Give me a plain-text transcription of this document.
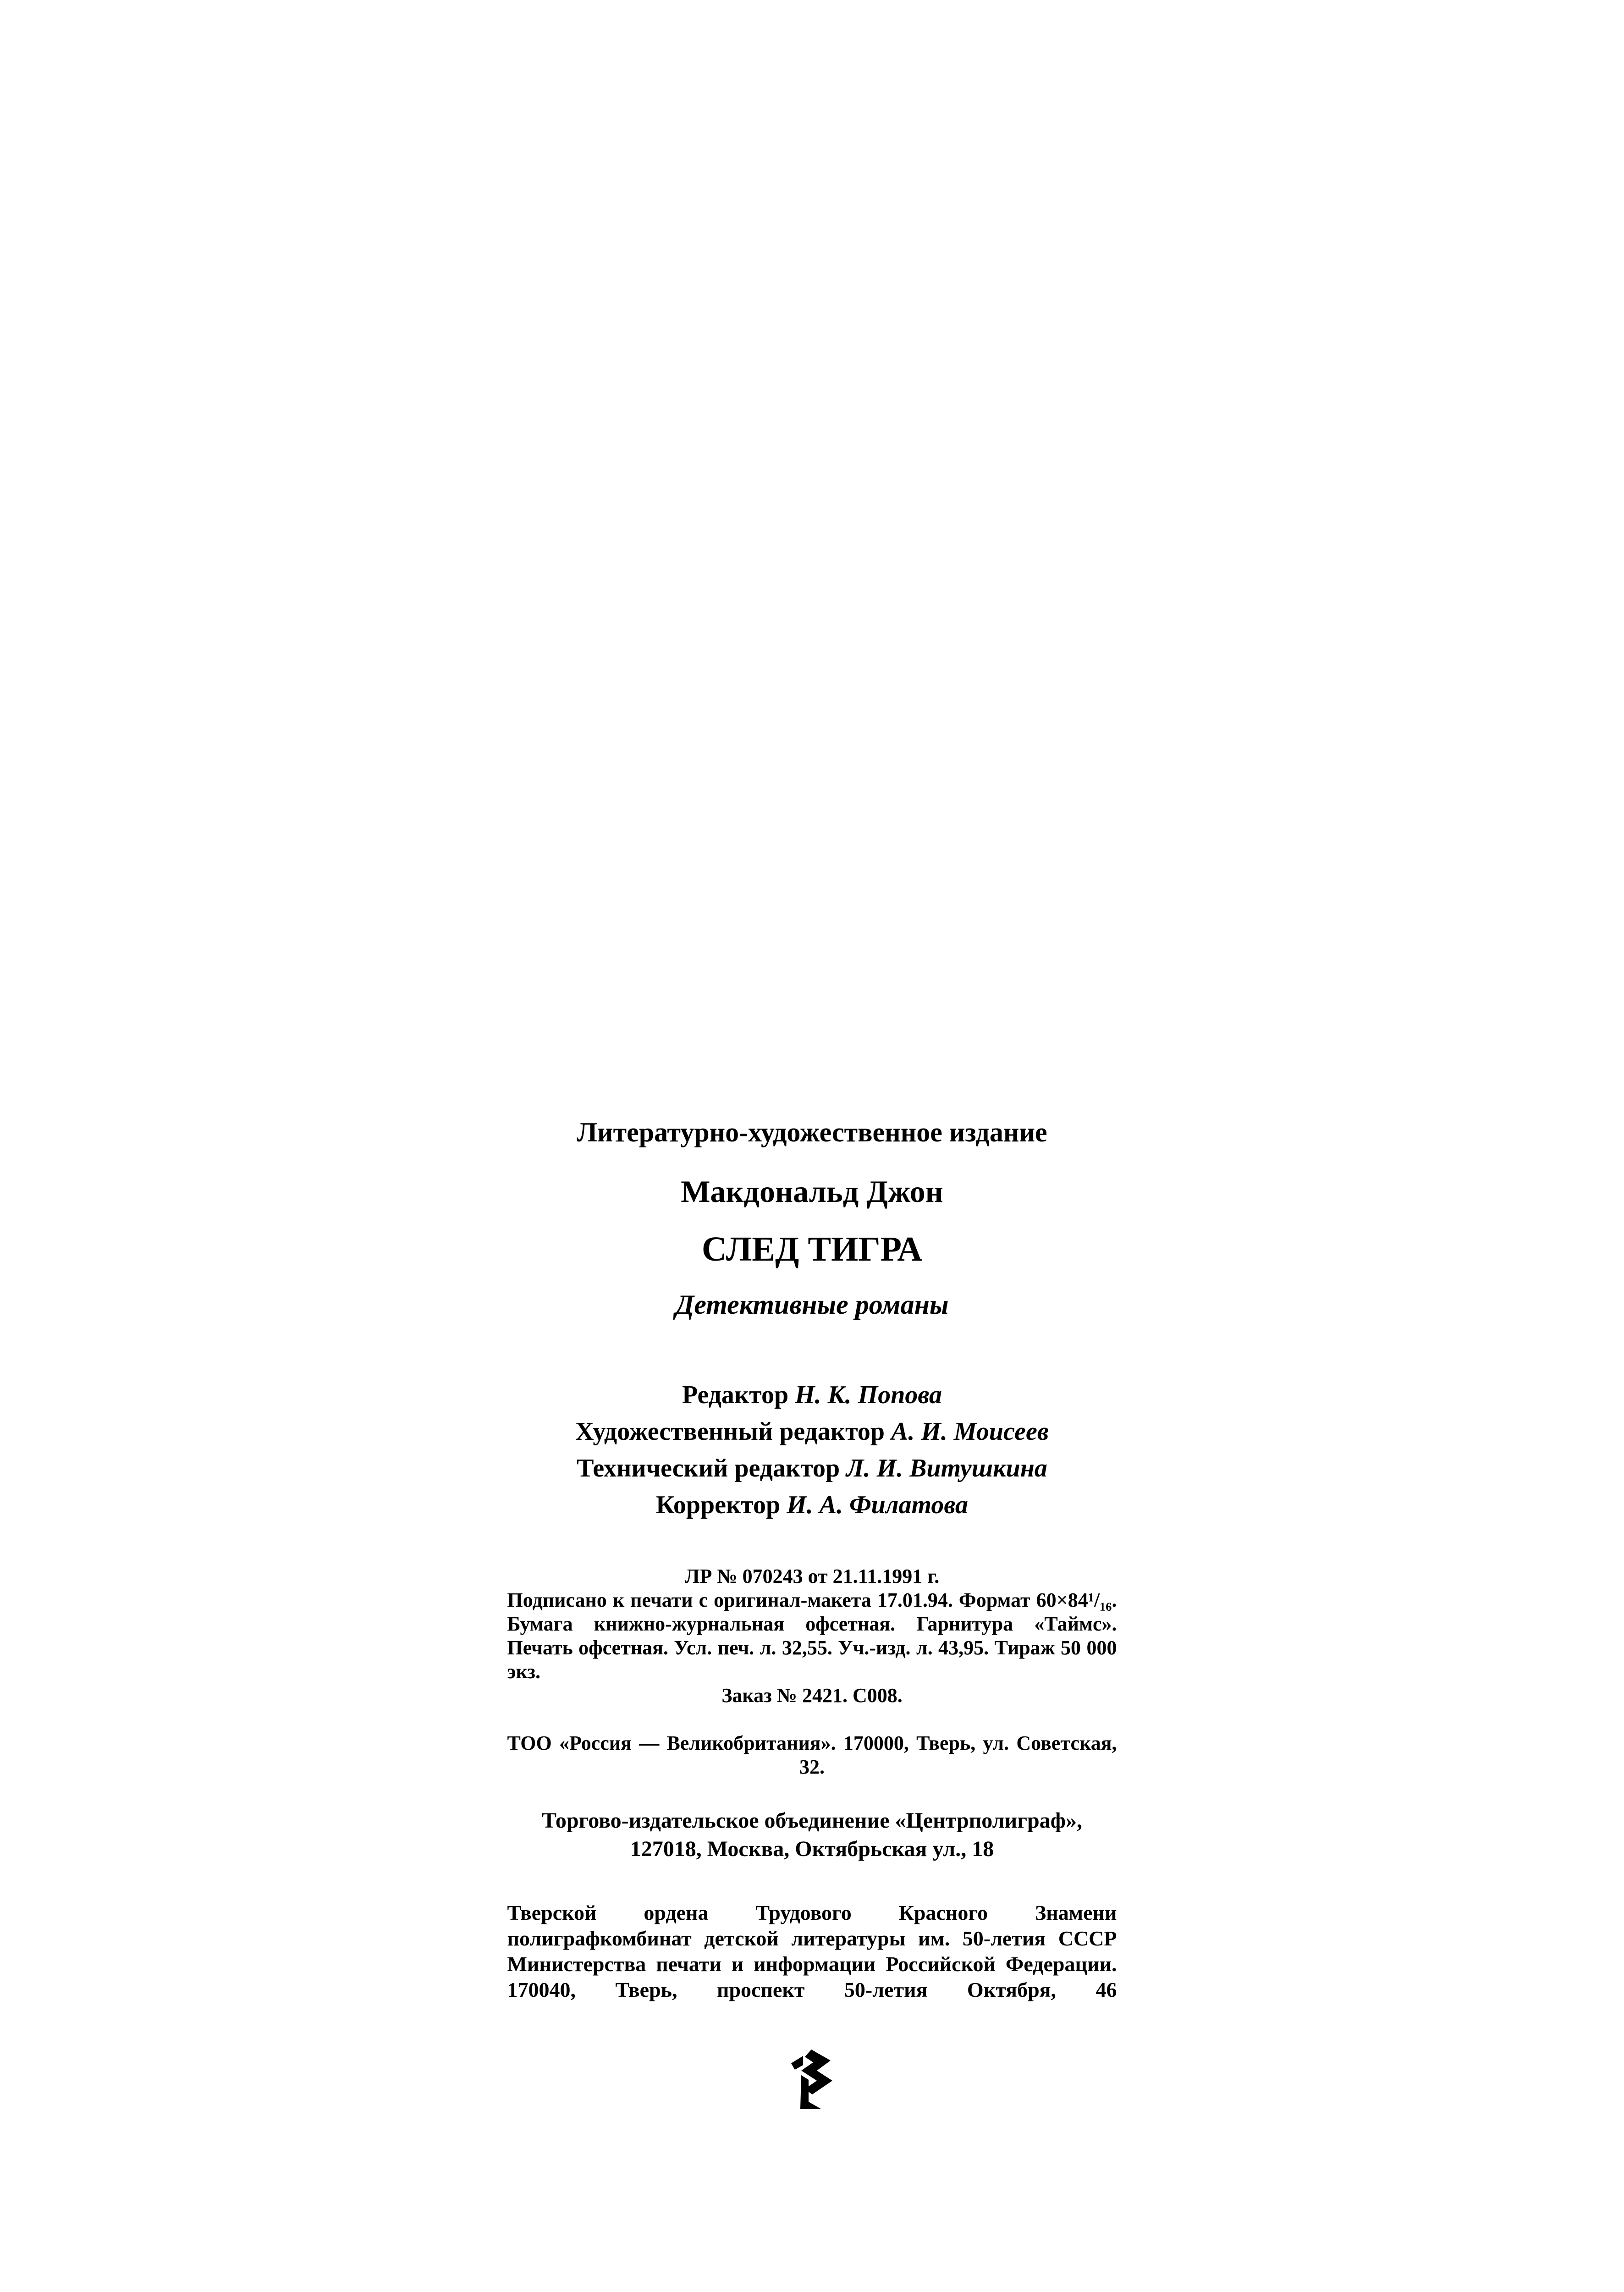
Литературно-художественное издание
Макдональд Джон
СЛЕД ТИГРА
Детективные романы
Редактор Н. К. Попова
Художественный редактор А. И. Моисеев
Технический редактор Л. И. Витушкина
Корректор И. А. Филатова
ЛР № 070243 от 21.11.1991 г.
Подписано к печати с оригинал-макета 17.01.94. Формат 60×84¹/₁₆. Бумага книжно-журнальная офсетная. Гарнитура «Таймс». Печать офсетная. Усл. печ. л. 32,55. Уч.-изд. л. 43,95. Тираж 50 000 экз.
Заказ № 2421. С008.
ТОО «Россия — Великобритания». 170000, Тверь, ул. Советская, 32.
Торгово-издательское объединение «Центрполиграф»,
127018, Москва, Октябрьская ул., 18
Тверской ордена Трудового Красного Знамени полиграфкомбинат детской литературы им. 50-летия СССР Министерства печати и информации Российской Федерации. 170040, Тверь, проспект 50-летия Октября, 46
